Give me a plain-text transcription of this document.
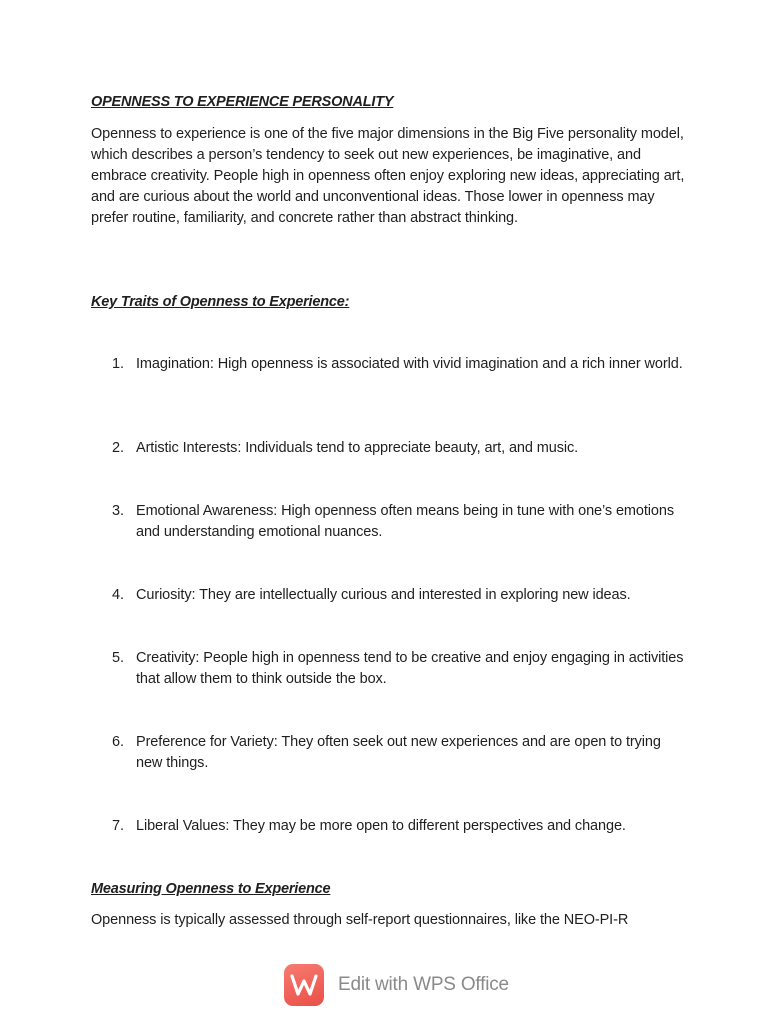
OPENNESS TO EXPERIENCE PERSONALITY

Openness to experience is one of the five major dimensions in the Big Five personality model, which describes a person’s tendency to seek out new experiences, be imaginative, and embrace creativity. People high in openness often enjoy exploring new ideas, appreciating art, and are curious about the world and unconventional ideas. Those lower in openness may prefer routine, familiarity, and concrete rather than abstract thinking.

Key Traits of Openness to Experience:

1. Imagination: High openness is associated with vivid imagination and a rich inner world.
2. Artistic Interests: Individuals tend to appreciate beauty, art, and music.
3. Emotional Awareness: High openness often means being in tune with one’s emotions and understanding emotional nuances.
4. Curiosity: They are intellectually curious and interested in exploring new ideas.
5. Creativity: People high in openness tend to be creative and enjoy engaging in activities that allow them to think outside the box.
6. Preference for Variety: They often seek out new experiences and are open to trying new things.
7. Liberal Values: They may be more open to different perspectives and change.

Measuring Openness to Experience

Openness is typically assessed through self-report questionnaires, like the NEO-PI-R

Edit with WPS Office
